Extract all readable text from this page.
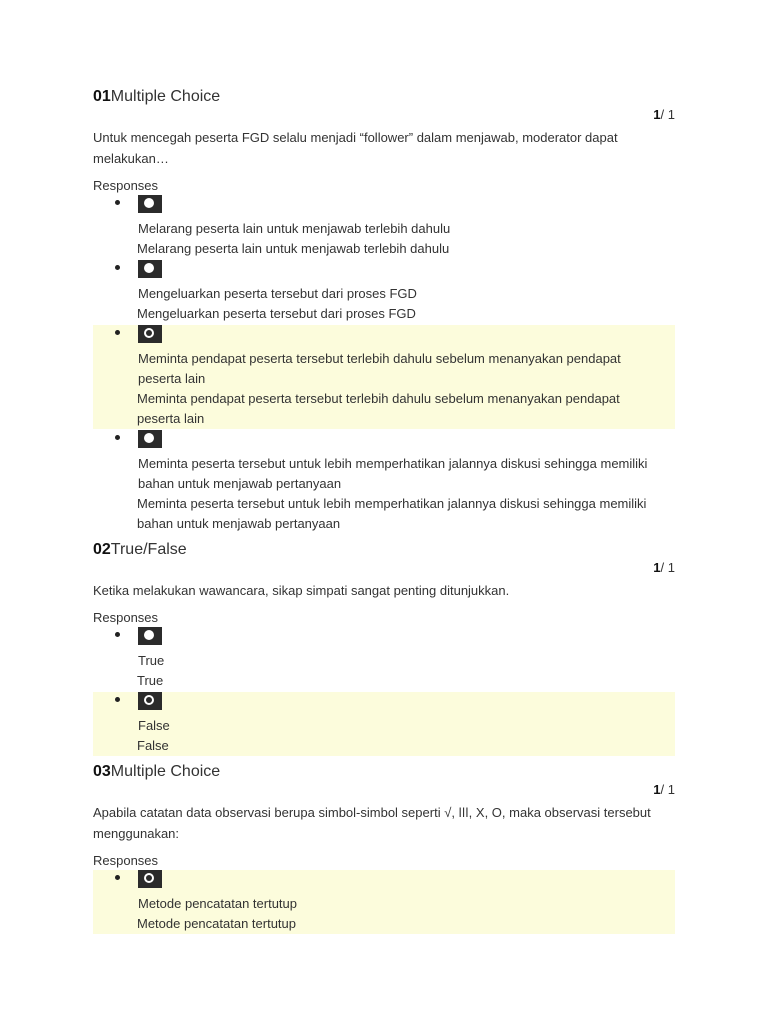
01Multiple Choice
1/ 1
Untuk mencegah peserta FGD selalu menjadi “follower” dalam menjawab, moderator dapat melakukan…
Responses
Melarang peserta lain untuk menjawab terlebih dahulu
Melarang peserta lain untuk menjawab terlebih dahulu
Mengeluarkan peserta tersebut dari proses FGD
Mengeluarkan peserta tersebut dari proses FGD
Meminta pendapat peserta tersebut terlebih dahulu sebelum menanyakan pendapat peserta lain
Meminta pendapat peserta tersebut terlebih dahulu sebelum menanyakan pendapat peserta lain
Meminta peserta tersebut untuk lebih memperhatikan jalannya diskusi sehingga memiliki bahan untuk menjawab pertanyaan
Meminta peserta tersebut untuk lebih memperhatikan jalannya diskusi sehingga memiliki bahan untuk menjawab pertanyaan
02True/False
1/ 1
Ketika melakukan wawancara, sikap simpati sangat penting ditunjukkan.
Responses
True
True
False
False
03Multiple Choice
1/ 1
Apabila catatan data observasi berupa simbol-simbol seperti √, ǀǀǀ, X, O, maka observasi tersebut menggunakan:
Responses
Metode pencatatan tertutup
Metode pencatatan tertutup
